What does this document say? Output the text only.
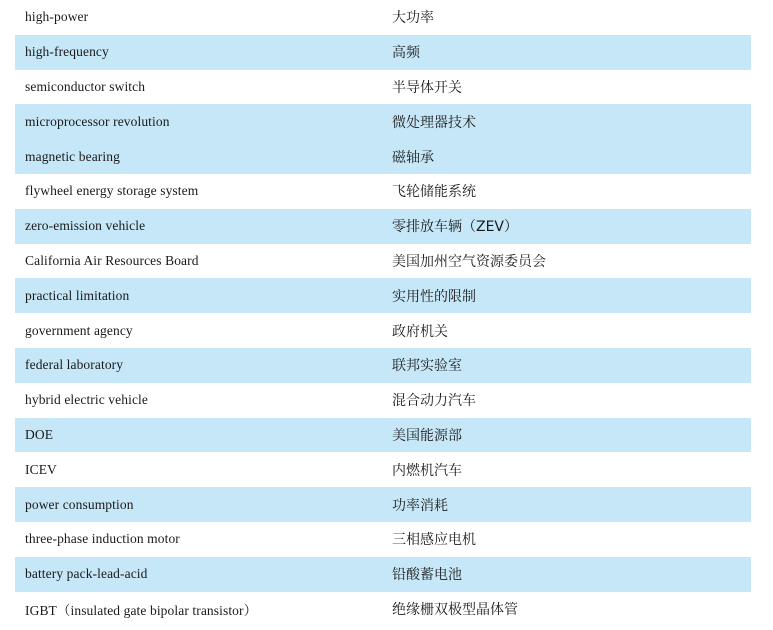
high-power	大功率
high-frequency	高频
semiconductor switch	半导体开关
microprocessor revolution	微处理器技术
magnetic bearing	磁轴承
flywheel energy storage system	飞轮储能系统
zero-emission vehicle	零排放车辆（ZEV）
California Air Resources Board	美国加州空气资源委员会
practical limitation	实用性的限制
government agency	政府机关
federal laboratory	联邦实验室
hybrid electric vehicle	混合动力汽车
DOE	美国能源部
ICEV	内燃机汽车
power consumption	功率消耗
three-phase induction motor	三相感应电机
battery pack-lead-acid	铅酸蓄电池
IGBT（insulated gate bipolar transistor）	绝缘栅双极型晶体管
